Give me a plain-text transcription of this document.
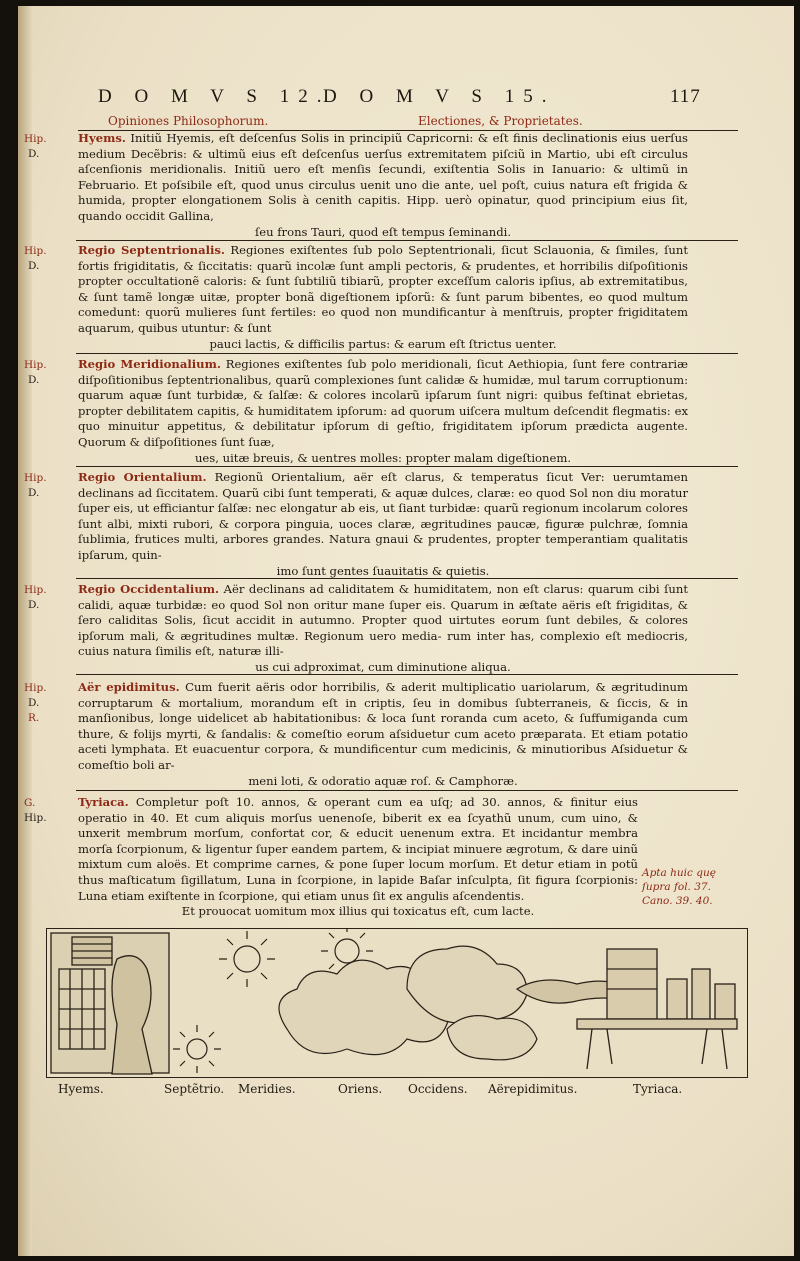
D O M V S 12.
D O M V S 15.	117
Opiniones Philosophorum.	Electiones, & Proprietates.
Hip.
D.
Hyems. Initiũ Hyemis, eſt deſcenſus Solis in principiũ Capricorni: & eſt finis declinationis eius uerſus medium Decẽbris: & ultimũ eius eſt deſcenſus uerſus extremitatem piſciũ in Martio, ubi eſt circulus aſcenſionis meridionalis. Initiũ uero eſt menſis ſecundi, exiſtentia Solis in Ianuario: & ultimũ in Februario. Et poſsibile eſt, quod unus circulus uenit uno die ante, uel poſt, cuius natura eſt frigida & humida, propter elongationem Solis à cenith capitis. Hipp. uerò opinatur, quod principium eius ſit, quando occidit Gallina,
ſeu frons Tauri, quod eſt tempus ſeminandi.
Hip.
D.
Regio Septentrionalis. Regiones exiſtentes ſub polo Septentrionali, ſicut Sclauonia, & ſimiles, ſunt fortis frigiditatis, & ſiccitatis: quarũ incolæ ſunt ampli pectoris, & prudentes, et horribilis diſpoſitionis propter occultationẽ caloris: & ſunt ſubtiliũ tibiarũ, propter exceſſum caloris ipſius, ab extremitatibus, & ſunt tamẽ longæ uitæ, propter bonã digeſtionem ipſorũ: & ſunt parum bibentes, eo quod multum comedunt: quorũ mulieres ſunt fertiles: eo quod non mundificantur à menſtruis, propter frigiditatem aquarum, quibus utuntur: & ſunt
pauci lactis, & difficilis partus: & earum eſt ſtrictus uenter.
Hip.
D.
Regio Meridionalium. Regiones exiſtentes ſub polo meridionali, ſicut Aethiopia, ſunt fere contrariæ diſpoſitionibus ſeptentrionalibus, quarũ complexiones ſunt calidæ & humidæ, mul tarum corruptionum: quarum aquæ ſunt turbidæ, & ſalſæ: & colores incolarũ ipſarum ſunt nigri: quibus feſtinat ebrietas, propter debilitatem capitis, & humiditatem ipſorum: ad quorum uiſcera multum deſcendit flegmatis: ex quo minuitur appetitus, & debilitatur ipſorum di geſtio, frigiditatem ipſorum prædicta augente. Quorum & diſpoſitiones ſunt ſuæ,
ues, uitæ breuis, & uentres molles: propter malam digeſtionem.
Hip.
D.
Regio Orientalium. Regionũ Orientalium, aër eſt clarus, & temperatus ſicut Ver: uerumtamen declinans ad ſiccitatem. Quarũ cibi ſunt temperati, & aquæ dulces, claræ: eo quod Sol non diu moratur ſuper eis, ut efficiantur ſalſæ: nec elongatur ab eis, ut ſiant turbidæ: quarũ regionum incolarum colores ſunt albi, mixti rubori, & corpora pinguia, uoces claræ, ægritudines paucæ, figuræ pulchræ, ſomnia ſublimia, frutices multi, arbores grandes. Natura gnaui & prudentes, propter temperantiam qualitatis ipſarum, quin-
imo ſunt gentes ſuauitatis & quietis.
Hip.
D.
Regio Occidentalium. Aër declinans ad caliditatem & humiditatem, non eſt clarus: quarum cibi ſunt calidi, aquæ turbidæ: eo quod Sol non oritur mane ſuper eis. Quarum in æſtate aëris eſt frigiditas, & ſero caliditas Solis, ſicut accidit in autumno. Propter quod uirtutes eorum ſunt debiles, & colores ipſorum mali, & ægritudines multæ. Regionum uero media- rum inter has, complexio eſt mediocris, cuius natura ſimilis eſt, naturæ illi-
us cui adproximat, cum diminutione aliqua.
Hip.
D.
R.
Aër epidimitus. Cum fuerit aëris odor horribilis, & aderit multiplicatio uariolarum, & ægritudinum corruptarum & mortalium, morandum eſt in criptis, ſeu in domibus ſubterraneis, & ſiccis, & in manſionibus, longe uidelicet ab habitationibus: & loca ſunt roranda cum aceto, & ſuffumiganda cum thure, & folijs myrti, & ſandalis: & comeſtio eorum aſsiduetur cum aceto præparata. Et etiam potatio aceti lymphata. Et euacuentur corpora, & mundificentur cum medicinis, & minutioribus Aſsiduetur & comeſtio boli ar-
meni loti, & odoratio aquæ roſ. & Camphoræ.
G.
Hip.
Tyriaca. Completur poſt 10. annos, & operant cum ea uſq; ad 30. annos, & finitur eius operatio in 40. Et cum aliquis morſus uenenoſe, biberit ex ea ſcyathũ unum, cum uino, & unxerit membrum morſum, confortat cor, & educit uenenum extra. Et incidantur membra morſa ſcorpionum, & ligentur ſuper eandem partem, & incipiat minuere ægrotum, & dare uinũ mixtum cum aloës. Et comprime carnes, & pone ſuper locum morſum. Et detur etiam in potũ thus maſticatum ſigillatum, Luna in ſcorpione, in lapide Baſar inſculpta, ſit figura ſcorpionis: Luna etiam exiſtente in ſcorpione, qui etiam unus ſit ex angulis aſcendentis.
Et prouocat uomitum mox illius qui toxicatus eſt, cum lacte.
Apta huic quę
ſupra fol. 37.
Cano. 39. 40.
Hyems.	Septẽtrio. Meridies.	Oriens. Occidens. Aërepidimitus.	Tyriaca.
